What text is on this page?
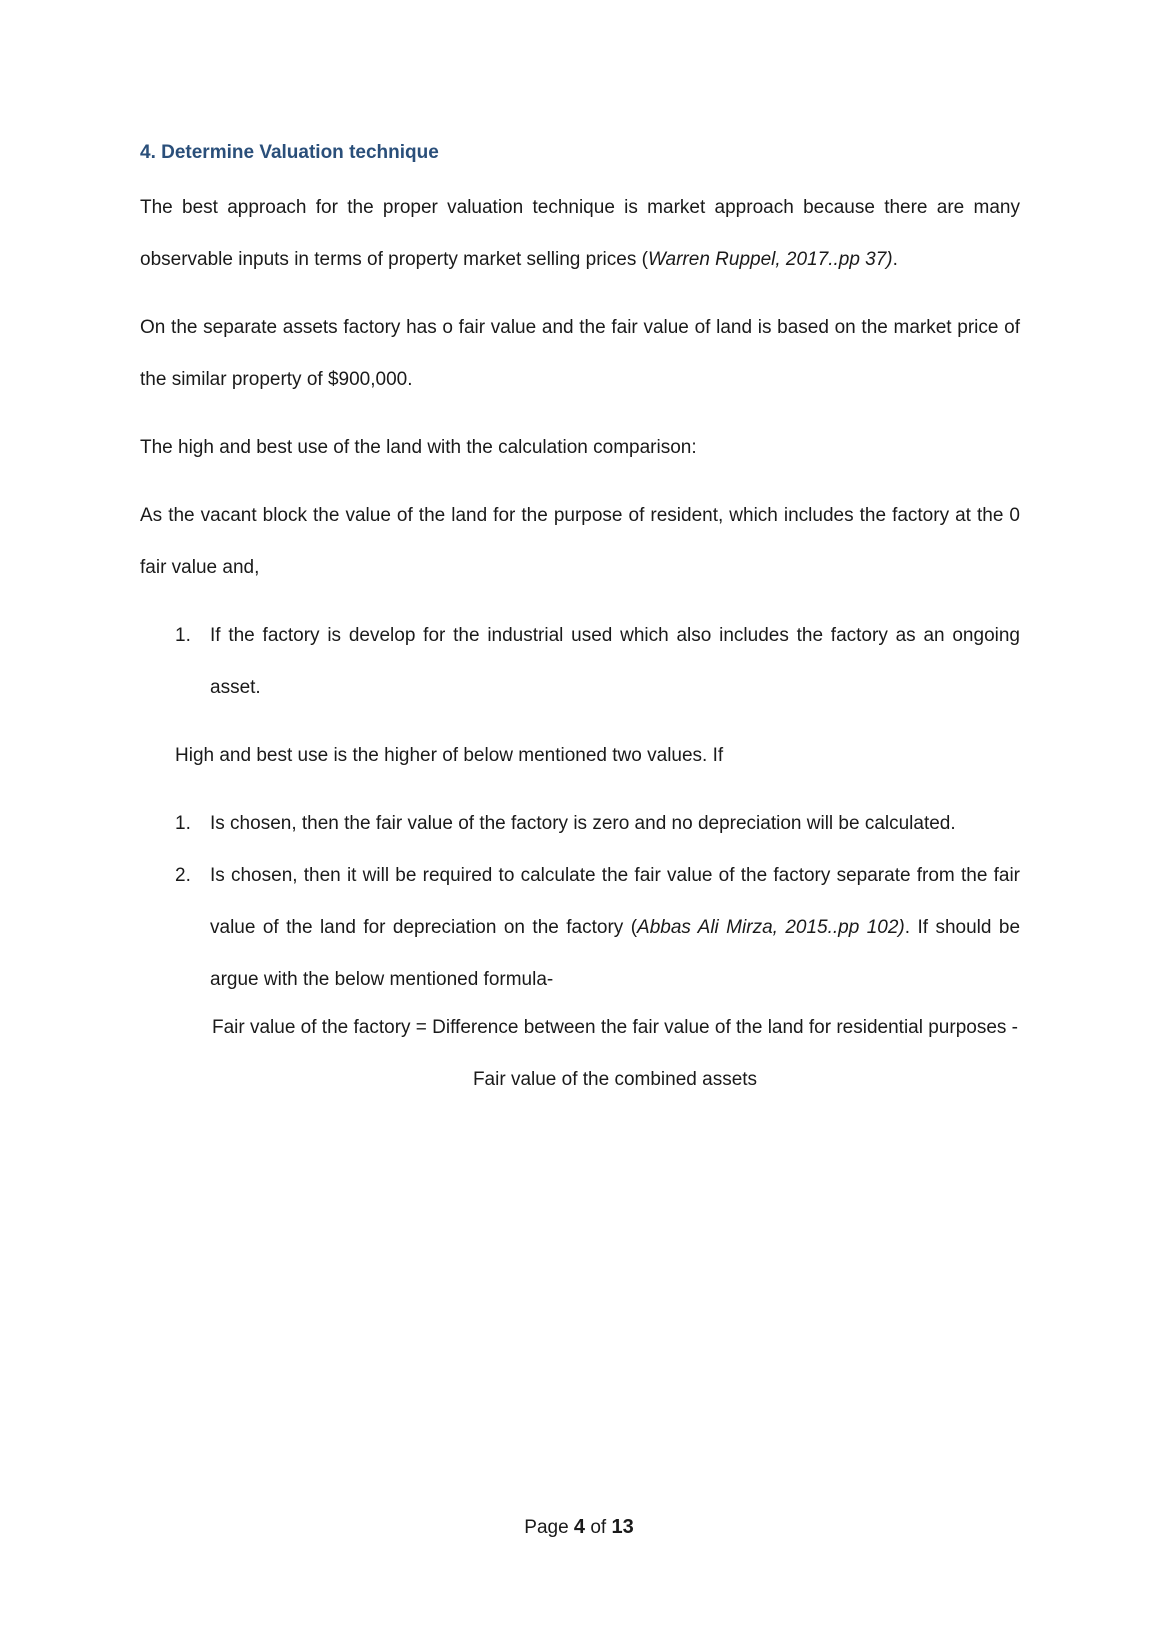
4. Determine Valuation technique

The best approach for the proper valuation technique is market approach because there are many observable inputs in terms of property market selling prices (Warren Ruppel, 2017..pp 37).

On the separate assets factory has o fair value and the fair value of land is based on the market price of the similar property of $900,000.

The high and best use of the land with the calculation comparison:

As the vacant block the value of the land for the purpose of resident, which includes the factory at the 0 fair value and,

1. If the factory is develop for the industrial used which also includes the factory as an ongoing asset.

High and best use is the higher of below mentioned two values. If

1. Is chosen, then the fair value of the factory is zero and no depreciation will be calculated.
2. Is chosen, then it will be required to calculate the fair value of the factory separate from the fair value of the land for depreciation on the factory (Abbas Ali Mirza, 2015..pp 102). If should be argue with the below mentioned formula-
Fair value of the factory = Difference between the fair value of the land for residential purposes - Fair value of the combined assets
Page 4 of 13
